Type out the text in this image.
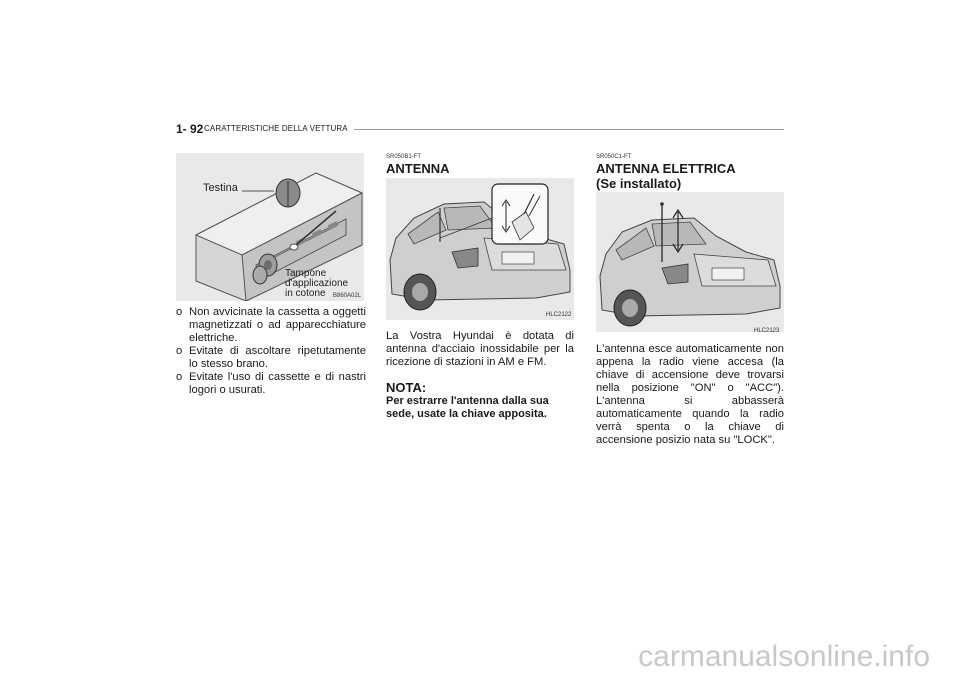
1- 92 CARATTERISTICHE DELLA VETTURA
Testina
Tampone
d'applicazione
in cotone B860A02L

o Non avvicinate la cassetta a oggetti magnetizzati o ad apparecchiature elettriche.

o Evitate di ascoltare ripetutamente lo stesso brano.

o Evitate l'uso di cassette e di nastri logori o usurati.

SR050B1-FT
ANTENNA
HLC2122
La Vostra Hyundai è dotata di antenna d'acciaio inossidabile per la ricezione di stazioni in AM e FM.
NOTA:
Per estrarre l'antenna dalla sua sede, usate la chiave apposita.
SR050C1-FT
ANTENNA ELETTRICA
(Se installato)
HLC2123
L'antenna esce automaticamente non appena la radio viene accesa (la chiave di accensione deve trovarsi nella posizione "ON" o "ACC"). L'antenna si abbasserà automaticamente quando la radio verrà spenta o la chiave di accensione posizio nata su "LOCK".
carmanualsonline.info
